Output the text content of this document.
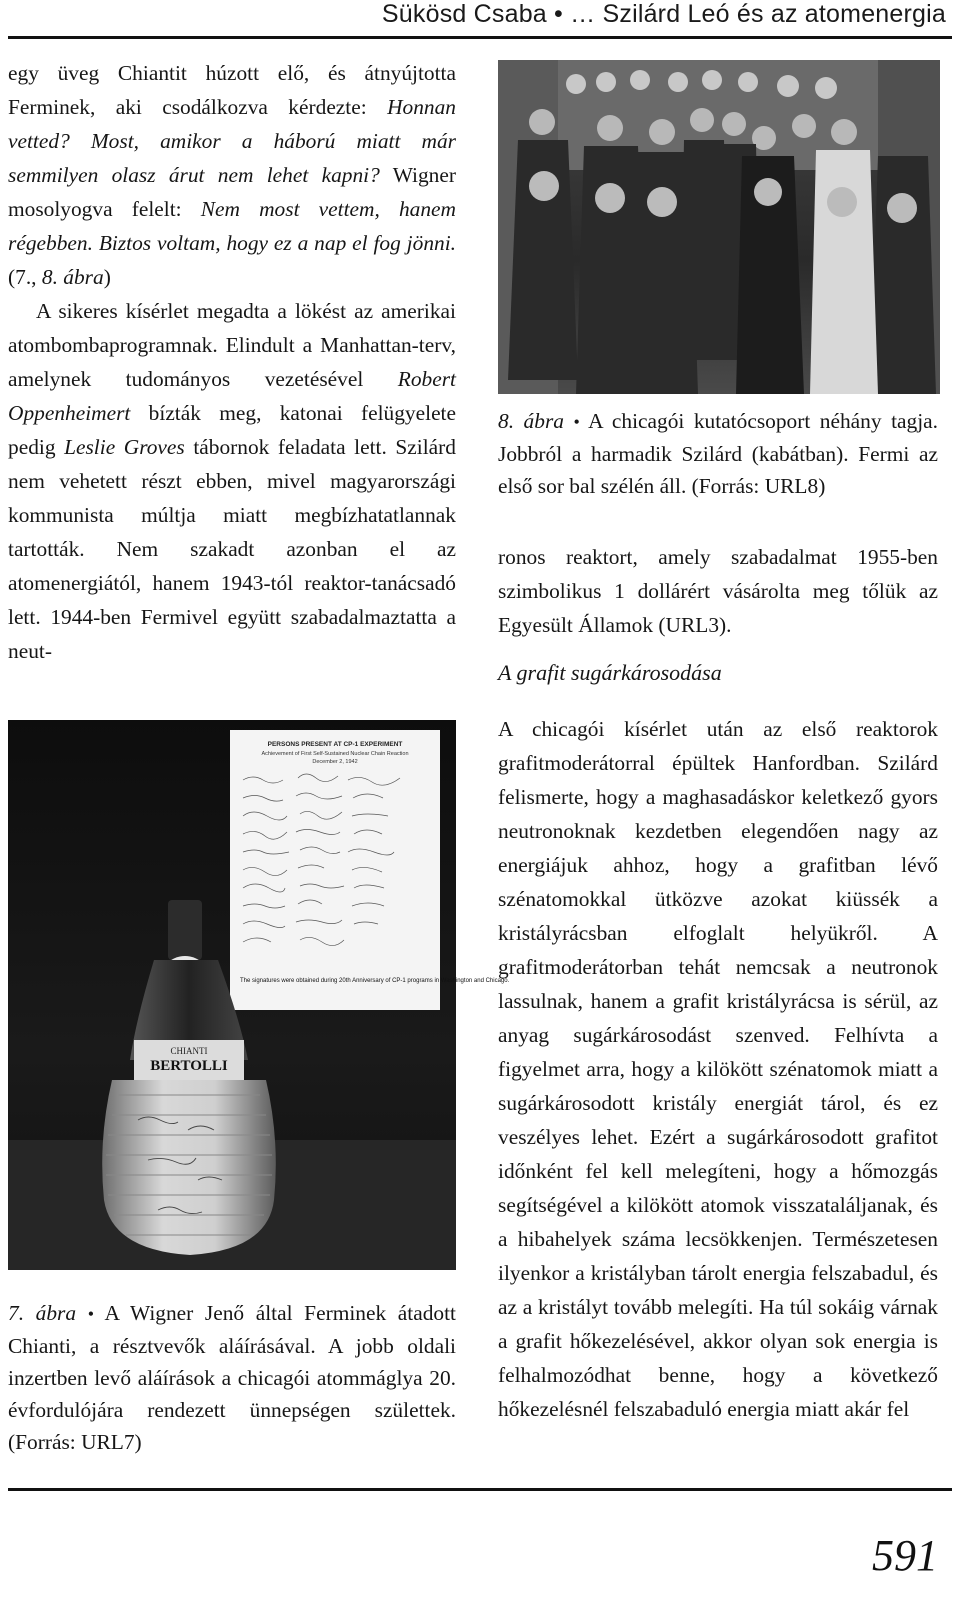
Sükösd Csaba • … Szilárd Leó és az atomenergia

egy üveg Chiantit húzott elő, és átnyújtotta Ferminek, aki csodálkozva kérdezte: Honnan vetted? Most, amikor a háború miatt már semmilyen olasz árut nem lehet kapni? Wigner mosolyogva felelt: Nem most vettem, hanem régebben. Biztos voltam, hogy ez a nap el fog jönni. (7., 8. ábra)

A sikeres kísérlet megadta a lökést az amerikai atombombaprogramnak. Elindult a Manhattan-terv, amelynek tudományos vezetésével Robert Oppenheimert bízták meg, katonai felügyelete pedig Leslie Groves tábornok feladata lett. Szilárd nem vehetett részt ebben, mivel magyarországi kommunista múltja miatt megbízhatatlannak tartották. Nem szakadt azonban el az atomenergiától, hanem 1943-tól reaktor-tanácsadó lett. 1944-ben Fermivel együtt szabadalmaztatta a neut-

PERSONS PRESENT AT CP-1 EXPERIMENT
Achievement of First Self-Sustained Nuclear Chain Reaction
December 2, 1942
The signatures were obtained during 20th Anniversary of CP-1 programs in Washington and Chicago.
CHIANTI
BERTOLLI

7. ábra • A Wigner Jenő által Ferminek átadott Chianti, a résztvevők aláírásával. A jobb oldali inzertben levő aláírások a chicagói atommáglya 20. évfordulójára rendezett ünnepségen születtek. (Forrás: URL7)

8. ábra • A chicagói kutatócsoport néhány tagja. Jobbról a harmadik Szilárd (kabátban). Fermi az első sor bal szélén áll. (Forrás: URL8)

ronos reaktort, amely szabadalmat 1955-ben szimbolikus 1 dollárért vásárolta meg tőlük az Egyesült Államok (URL3).

A grafit sugárkárosodása

A chicagói kísérlet után az első reaktorok grafitmoderátorral épültek Hanfordban. Szilárd felismerte, hogy a maghasadáskor keletkező gyors neutronoknak kezdetben elegendően nagy az energiájuk ahhoz, hogy a grafitban lévő szénatomokkal ütközve azokat kiüssék a kristályrácsban elfoglalt helyükről. A grafitmoderátorban tehát nemcsak a neutronok lassulnak, hanem a grafit kristályrácsa is sérül, az anyag sugárkárosodást szenved. Felhívta a figyelmet arra, hogy a kilökött szénatomok miatt a sugárkárosodott kristály energiát tárol, és ez veszélyes lehet. Ezért a sugárkárosodott grafitot időnként fel kell melegíteni, hogy a hőmozgás segítségével a kilökött atomok visszataláljanak, és a hibahelyek száma lecsökkenjen. Természetesen ilyenkor a kristályban tárolt energia felszabadul, és az a kristályt tovább melegíti. Ha túl sokáig várnak a grafit hőkezelésével, akkor olyan sok energia is felhalmozódhat benne, hogy a következő hőkezelésnél felszabaduló energia miatt akár fel

591
